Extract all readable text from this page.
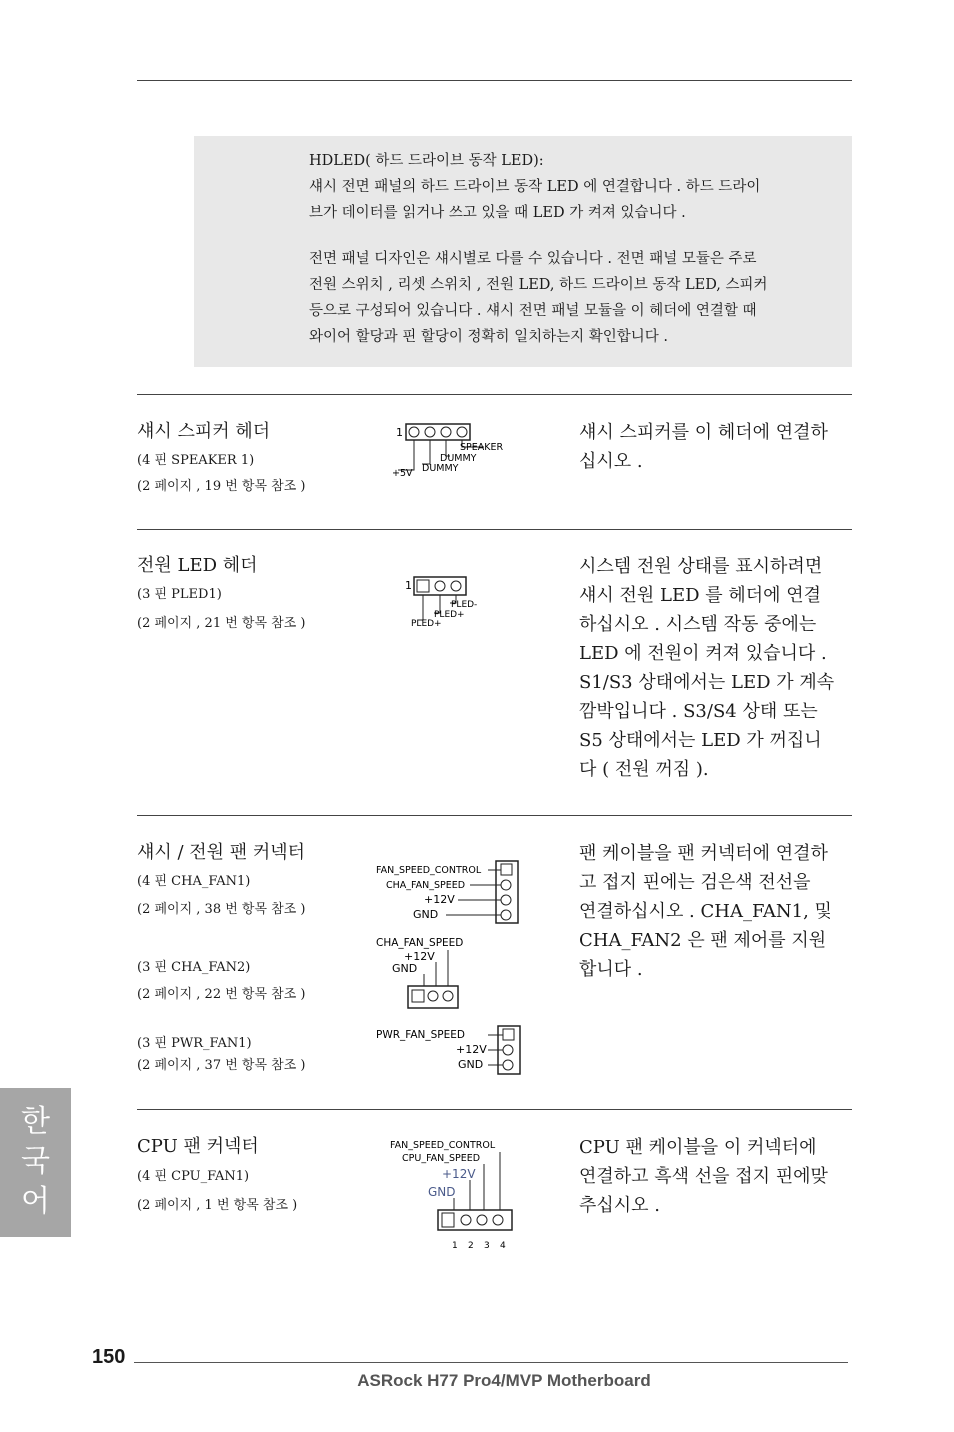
HDLED( 하드 드라이브 동작 LED):
섀시 전면 패널의 하드 드라이브 동작 LED 에 연결합니다 . 하드 드라이
브가 데이터를 읽거나 쓰고 있을 때 LED 가 켜져 있습니다 .

전면 패널 디자인은 섀시별로 다를 수 있습니다 . 전면 패널 모듈은 주로
전원 스위치 , 리셋 스위치 , 전원 LED, 하드 드라이브 동작 LED, 스피커
등으로 구성되어 있습니다 . 섀시 전면 패널 모듈을 이 헤더에 연결할 때
와이어 할당과 핀 할당이 정확히 일치하는지 확인합니다 .

섀시 스피커 헤더
(4 핀 SPEAKER 1)
(2 페이지 , 19 번 항목 참조 )
1
SPEAKER
DUMMY
DUMMY
+5V
섀시 스피커를 이 헤더에 연결하
십시오 .
전원 LED 헤더
(3 핀 PLED1)
(2 페이지 , 21 번 항목 참조 )
1
PLED-
PLED+
PLED+
시스템 전원 상태를 표시하려면
섀시 전원 LED 를 헤더에 연결
하십시오 . 시스템 작동 중에는
LED 에 전원이 켜져 있습니다 .
S1/S3 상태에서는 LED 가 계속
깜박입니다 . S3/S4 상태 또는
S5 상태에서는 LED 가 꺼집니
다 ( 전원 꺼짐 ).
섀시 / 전원 팬 커넥터
(4 핀 CHA_FAN1)
(2 페이지 , 38 번 항목 참조 )
(3 핀 CHA_FAN2)
(2 페이지 , 22 번 항목 참조 )
(3 핀 PWR_FAN1)
(2 페이지 , 37 번 항목 참조 )
FAN_SPEED_CONTROL
CHA_FAN_SPEED
+12V
GND
CHA_FAN_SPEED
+12V
GND
PWR_FAN_SPEED
+12V
GND
팬 케이블을 팬 커넥터에 연결하
고 접지 핀에는 검은색 전선을
연결하십시오 . CHA_FAN1, 및
CHA_FAN2 은 팬 제어를 지원
합니다 .
CPU 팬 커넥터
(4 핀 CPU_FAN1)
(2 페이지 , 1 번 항목 참조 )
FAN_SPEED_CONTROL
CPU_FAN_SPEED
+12V
GND
1 2 3 4
CPU 팬 케이블을 이 커넥터에
연결하고 흑색 선을 접지 핀에맞
추십시오 .
한
국
어
150
ASRock H77 Pro4/MVP Motherboard
